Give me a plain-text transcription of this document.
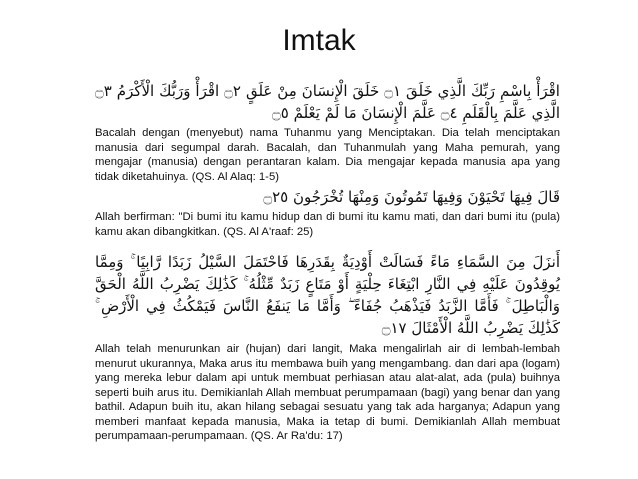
Imtak
اقْرَأْ بِاسْمِ رَبِّكَ الَّذِي خَلَقَ ۝١ خَلَقَ الْإِنسَانَ مِنْ عَلَقٍ ۝٢ اقْرَأْ وَرَبُّكَ الْأَكْرَمُ ۝٣ الَّذِي عَلَّمَ بِالْقَلَمِ ۝٤ عَلَّمَ الْإِنسَانَ مَا لَمْ يَعْلَمْ ۝٥
Bacalah dengan (menyebut) nama Tuhanmu yang Menciptakan. Dia telah menciptakan manusia dari segumpal darah. Bacalah, dan Tuhanmulah yang Maha pemurah, yang mengajar (manusia) dengan perantaran kalam. Dia mengajar kepada manusia apa yang tidak diketahuinya. (QS. Al Alaq: 1-5)
قَالَ فِيهَا تَحْيَوْنَ وَفِيهَا تَمُوتُونَ وَمِنْهَا تُخْرَجُونَ ۝٢٥
Allah berfirman: "Di bumi itu kamu hidup dan di bumi itu kamu mati, dan dari bumi itu (pula) kamu akan dibangkitkan. (QS. Al A'raaf: 25)
أَنزَلَ مِنَ السَّمَاءِ مَاءً فَسَالَتْ أَوْدِيَةٌ بِقَدَرِهَا فَاحْتَمَلَ السَّيْلُ زَبَدًا رَّابِيًا ۚ وَمِمَّا يُوقِدُونَ عَلَيْهِ فِي النَّارِ ابْتِغَاءَ حِلْيَةٍ أَوْ مَتَاعٍ زَبَدٌ مِّثْلُهُ ۚ كَذَٰلِكَ يَضْرِبُ اللَّهُ الْحَقَّ وَالْبَاطِلَ ۚ فَأَمَّا الزَّبَدُ فَيَذْهَبُ جُفَاءً ۖ وَأَمَّا مَا يَنفَعُ النَّاسَ فَيَمْكُثُ فِي الْأَرْضِ ۚ كَذَٰلِكَ يَضْرِبُ اللَّهُ الْأَمْثَالَ ۝١٧
Allah telah menurunkan air (hujan) dari langit, Maka mengalirlah air di lembah-lembah menurut ukurannya, Maka arus itu membawa buih yang mengambang. dan dari apa (logam) yang mereka lebur dalam api untuk membuat perhiasan atau alat-alat, ada (pula) buihnya seperti buih arus itu. Demikianlah Allah membuat perumpamaan (bagi) yang benar dan yang bathil. Adapun buih itu, akan hilang sebagai sesuatu yang tak ada harganya; Adapun yang memberi manfaat kepada manusia, Maka ia tetap di bumi. Demikianlah Allah membuat perumpamaan-perumpamaan. (QS. Ar Ra'du: 17)
